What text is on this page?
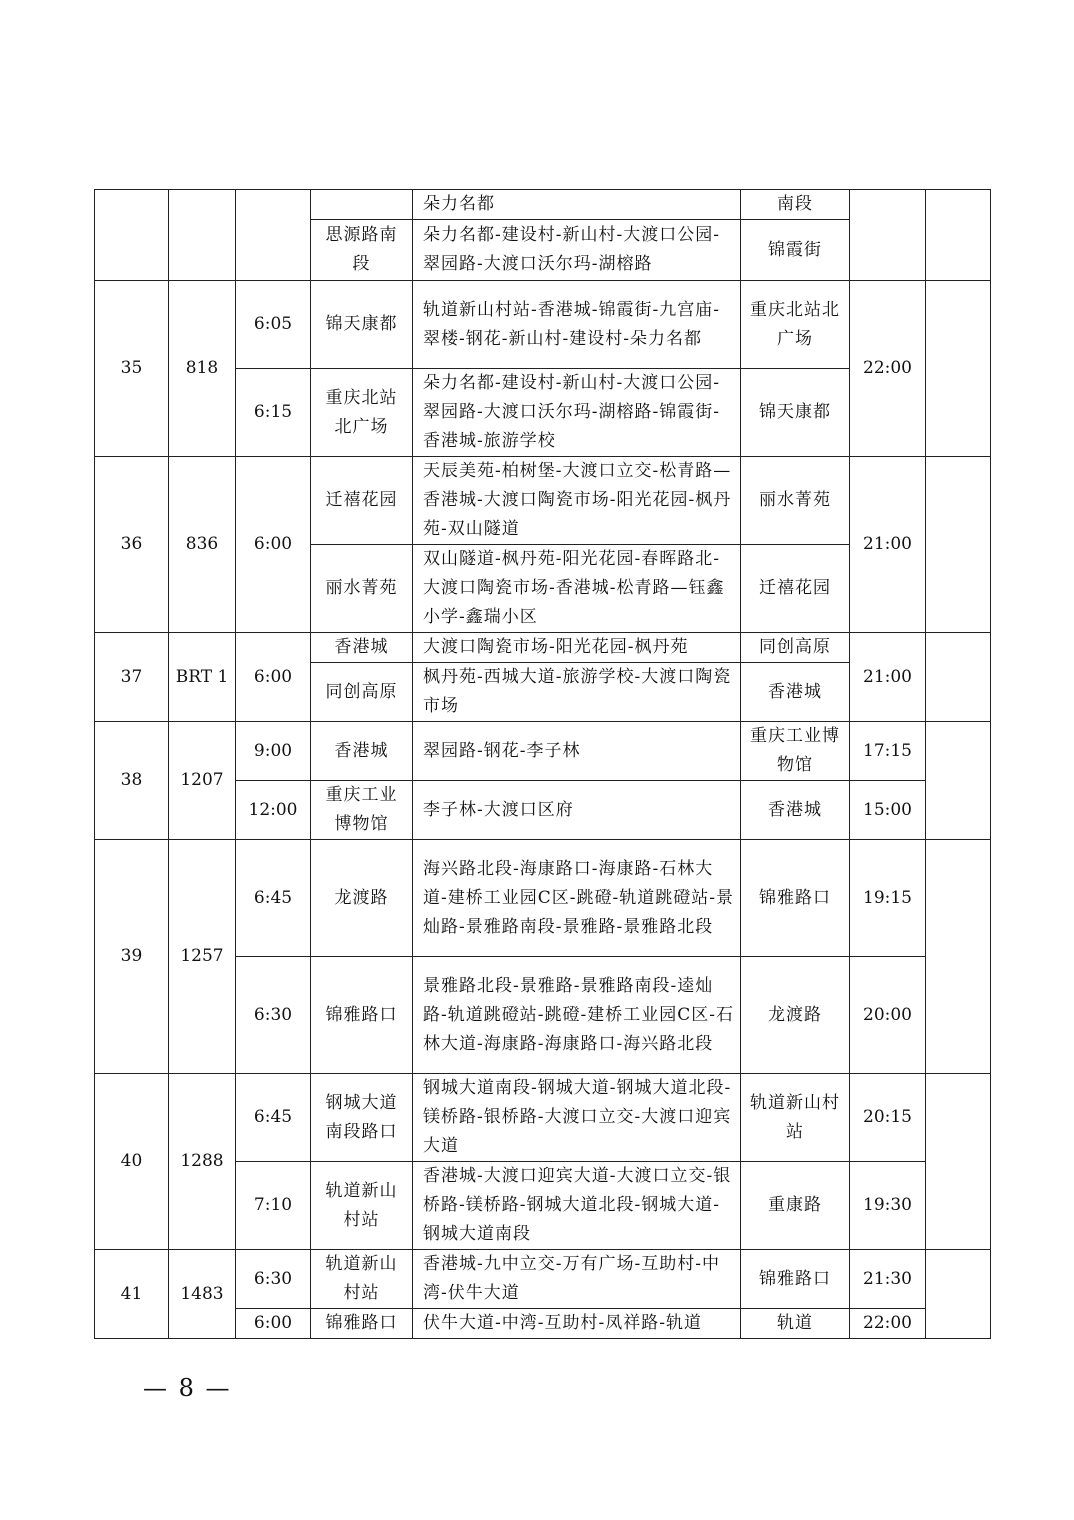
				朵力名都	南段		
			思源路南段	朵力名都-建设村-新山村-大渡口公园-翠园路-大渡口沃尔玛-湖榕路	锦霞街		
35	818	6:05	锦天康都	轨道新山村站-香港城-锦霞街-九宫庙-翠楼-钢花-新山村-建设村-朵力名都	重庆北站北广场	22:00	
		6:15	重庆北站北广场	朵力名都-建设村-新山村-大渡口公园-翠园路-大渡口沃尔玛-湖榕路-锦霞街-香港城-旅游学校	锦天康都		
36	836	6:00	迁禧花园	天辰美苑-柏树堡-大渡口立交-松青路—香港城-大渡口陶瓷市场-阳光花园-枫丹苑-双山隧道	丽水菁苑	21:00	
			丽水菁苑	双山隧道-枫丹苑-阳光花园-春晖路北-大渡口陶瓷市场-香港城-松青路—钰鑫小学-鑫瑞小区	迁禧花园		
37	BRT 1	6:00	香港城	大渡口陶瓷市场-阳光花园-枫丹苑	同创高原	21:00	
			同创高原	枫丹苑-西城大道-旅游学校-大渡口陶瓷市场	香港城		
38	1207	9:00	香港城	翠园路-钢花-李子林	重庆工业博物馆	17:15	
		12:00	重庆工业博物馆	李子林-大渡口区府	香港城	15:00	
39	1257	6:45	龙渡路	海兴路北段-海康路口-海康路-石林大道-建桥工业园C区-跳磴-轨道跳磴站-景灿路-景雅路南段-景雅路-景雅路北段	锦雅路口	19:15	
		6:30	锦雅路口	景雅路北段-景雅路-景雅路南段-逵灿路-轨道跳磴站-跳磴-建桥工业园C区-石林大道-海康路-海康路口-海兴路北段	龙渡路	20:00	
40	1288	6:45	钢城大道南段路口	钢城大道南段-钢城大道-钢城大道北段-镁桥路-银桥路-大渡口立交-大渡口迎宾大道	轨道新山村站	20:15	
		7:10	轨道新山村站	香港城-大渡口迎宾大道-大渡口立交-银桥路-镁桥路-钢城大道北段-钢城大道-钢城大道南段	重康路	19:30	
41	1483	6:30	轨道新山村站	香港城-九中立交-万有广场-互助村-中湾-伏牛大道	锦雅路口	21:30	
		6:00	锦雅路口	伏牛大道-中湾-互助村-凤祥路-轨道	轨道	22:00	
— 8 —
